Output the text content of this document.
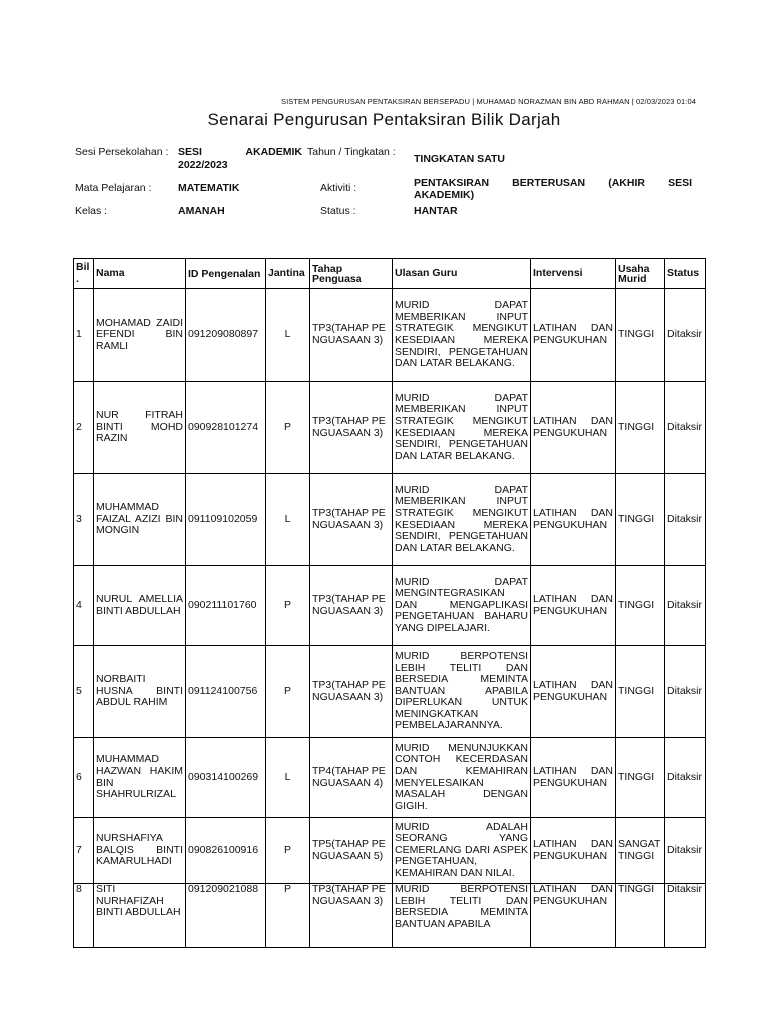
SISTEM PENGURUSAN PENTAKSIRAN BERSEPADU | MUHAMAD NORAZMAN BIN ABD RAHMAN | 02/03/2023 01:04
Senarai Pengurusan Pentaksiran Bilik Darjah
Sesi Persekolahan : SESI AKADEMIK
2022/2023
Tahun / Tingkatan :
TINGKATAN SATU
Mata Pelajaran :	MATEMATIK	Aktiviti :	PENTAKSIRAN BERTERUSAN (AKHIR SESI AKADEMIK)
Kelas :	AMANAH	Status :	HANTAR
Bil.	Nama	ID Pengenalan	Jantina	Tahap Penguasa	Ulasan Guru	Intervensi	Usaha Murid	Status
1	MOHAMAD ZAIDI EFENDI BIN RAMLI	091209080897	L	TP3(TAHAP PENGUASAAN 3)	MURID DAPAT MEMBERIKAN INPUT STRATEGIK MENGIKUT KESEDIAAN MEREKA SENDIRI, PENGETAHUAN DAN LATAR BELAKANG.	LATIHAN DAN PENGUKUHAN	TINGGI	Ditaksir
2	NUR FITRAH BINTI MOHD RAZIN	090928101274	P	TP3(TAHAP PENGUASAAN 3)	MURID DAPAT MEMBERIKAN INPUT STRATEGIK MENGIKUT KESEDIAAN MEREKA SENDIRI, PENGETAHUAN DAN LATAR BELAKANG.	LATIHAN DAN PENGUKUHAN	TINGGI	Ditaksir
3	MUHAMMAD FAIZAL AZIZI BIN MONGIN	091109102059	L	TP3(TAHAP PENGUASAAN 3)	MURID DAPAT MEMBERIKAN INPUT STRATEGIK MENGIKUT KESEDIAAN MEREKA SENDIRI, PENGETAHUAN DAN LATAR BELAKANG.	LATIHAN DAN PENGUKUHAN	TINGGI	Ditaksir
4	NURUL AMELLIA BINTI ABDULLAH	090211101760	P	TP3(TAHAP PENGUASAAN 3)	MURID DAPAT MENGINTEGRASIKAN DAN MENGAPLIKASI PENGETAHUAN BAHARU YANG DIPELAJARI.	LATIHAN DAN PENGUKUHAN	TINGGI	Ditaksir
5	NORBAITI HUSNA BINTI ABDUL RAHIM	091124100756	P	TP3(TAHAP PENGUASAAN 3)	MURID BERPOTENSI LEBIH TELITI DAN BERSEDIA MEMINTA BANTUAN APABILA DIPERLUKAN UNTUK MENINGKATKAN PEMBELAJARANNYA.	LATIHAN DAN PENGUKUHAN	TINGGI	Ditaksir
6	MUHAMMAD HAZWAN HAKIM BIN SHAHRULRIZAL	090314100269	L	TP4(TAHAP PENGUASAAN 4)	MURID MENUNJUKKAN CONTOH KECERDASAN DAN KEMAHIRAN MENYELESAIKAN MASALAH DENGAN GIGIH.	LATIHAN DAN PENGUKUHAN	TINGGI	Ditaksir
7	NURSHAFIYA BALQIS BINTI KAMARULHADI	090826100916	P	TP5(TAHAP PENGUASAAN 5)	MURID ADALAH SEORANG YANG CEMERLANG DARI ASPEK PENGETAHUAN, KEMAHIRAN DAN NILAI.	LATIHAN DAN PENGUKUHAN	SANGAT TINGGI	Ditaksir
8	SITI NURHAFIZAH BINTI ABDULLAH	091209021088	P	TP3(TAHAP PENGUASAAN 3)	MURID BERPOTENSI LEBIH TELITI DAN BERSEDIA MEMINTA BANTUAN APABILA	LATIHAN DAN PENGUKUHAN	TINGGI	Ditaksir
